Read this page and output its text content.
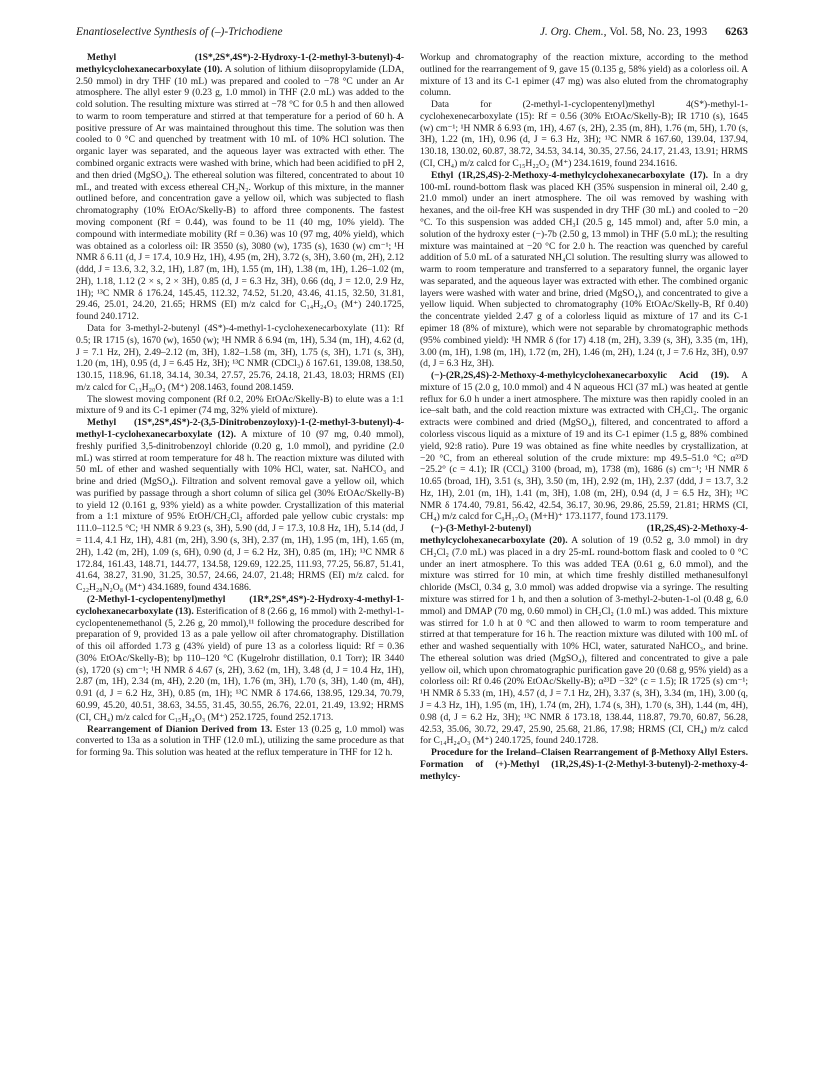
Enantioselective Synthesis of (–)-Trichodiene	J. Org. Chem., Vol. 58, No. 23, 1993 6263

Methyl (1S*,2S*,4S*)-2-Hydroxy-1-(2-methyl-3-butenyl)-4-methylcyclohexanecarboxylate (10). A solution of lithium diisopropylamide (LDA, 2.50 mmol) in dry THF (10 mL) was prepared and cooled to −78 °C under an Ar atmosphere. The allyl ester 9 (0.23 g, 1.0 mmol) in THF (2.0 mL) was added to the cold solution. The resulting mixture was stirred at −78 °C for 0.5 h and then allowed to warm to room temperature and stirred at that temperature for a period of 60 h. A positive pressure of Ar was maintained throughout this time. The solution was then cooled to 0 °C and quenched by treatment with 10 mL of 10% HCl solution. The organic layer was separated, and the aqueous layer was extracted with ether. The combined organic extracts were washed with brine, which had been acidified to pH 2, and then dried (MgSO₄). The ethereal solution was filtered, concentrated to about 10 mL, and treated with excess ethereal CH₂N₂. Workup of this mixture, in the manner outlined before, and concentration gave a yellow oil, which was subjected to flash chromatography (10% EtOAc/Skelly-B) to afford three components. The fastest moving component (Rf = 0.44), was found to be 11 (40 mg, 10% yield). The compound with intermediate mobility (Rf = 0.36) was 10 (97 mg, 40% yield), which was obtained as a colorless oil: IR 3550 (s), 3080 (w), 1735 (s), 1630 (w) cm⁻¹; ¹H NMR δ 6.11 (d, J = 17.4, 10.9 Hz, 1H), 4.95 (m, 2H), 3.72 (s, 3H), 3.60 (m, 2H), 2.12 (ddd, J = 13.6, 3.2, 3.2, 1H), 1.87 (m, 1H), 1.55 (m, 1H), 1.38 (m, 1H), 1.26–1.02 (m, 2H), 1.18, 1.12 (2 × s, 2 × 3H), 0.85 (d, J = 6.3 Hz, 3H), 0.66 (dq, J = 12.0, 2.9 Hz, 1H); ¹³C NMR δ 176.24, 145.45, 112.32, 74.52, 51.20, 43.46, 41.15, 32.50, 31.81, 29.46, 25.01, 24.20, 21.65; HRMS (EI) m/z calcd for C₁₄H₂₄O₃ (M⁺) 240.1725, found 240.1712.

Data for 3-methyl-2-butenyl (4S*)-4-methyl-1-cyclohexenecarboxylate (11): Rf 0.5; IR 1715 (s), 1670 (w), 1650 (w); ¹H NMR δ 6.94 (m, 1H), 5.34 (m, 1H), 4.62 (d, J = 7.1 Hz, 2H), 2.49–2.12 (m, 3H), 1.82–1.58 (m, 3H), 1.75 (s, 3H), 1.71 (s, 3H), 1.20 (m, 1H), 0.95 (d, J = 6.45 Hz, 3H); ¹³C NMR (CDCl₃) δ 167.61, 139.08, 138.50, 130.15, 118.96, 61.18, 34.14, 30.34, 27.57, 25.76, 24.18, 21.43, 18.03; HRMS (EI) m/z calcd for C₁₃H₂₀O₂ (M⁺) 208.1463, found 208.1459.

The slowest moving component (Rf 0.2, 20% EtOAc/Skelly-B) to elute was a 1:1 mixture of 9 and its C-1 epimer (74 mg, 32% yield of mixture).

Methyl (1S*,2S*,4S*)-2-(3,5-Dinitrobenzoyloxy)-1-(2-methyl-3-butenyl)-4-methyl-1-cyclohexanecarboxylate (12). A mixture of 10 (97 mg, 0.40 mmol), freshly purified 3,5-dinitrobenzoyl chloride (0.20 g, 1.0 mmol), and pyridine (2.0 mL) was stirred at room temperature for 48 h. The reaction mixture was diluted with 50 mL of ether and washed sequentially with 10% HCl, water, sat. NaHCO₃ and brine and dried (MgSO₄). Filtration and solvent removal gave a yellow oil, which was purified by passage through a short column of silica gel (30% EtOAc/Skelly-B) to yield 12 (0.161 g, 93% yield) as a white powder. Crystallization of this material from a 1:1 mixture of 95% EtOH/CH₂Cl₂ afforded pale yellow cubic crystals: mp 111.0–112.5 °C; ¹H NMR δ 9.23 (s, 3H), 5.90 (dd, J = 17.3, 10.8 Hz, 1H), 5.14 (dd, J = 11.4, 4.1 Hz, 1H), 4.81 (m, 2H), 3.90 (s, 3H), 2.37 (m, 1H), 1.95 (m, 1H), 1.65 (m, 2H), 1.42 (m, 2H), 1.09 (s, 6H), 0.90 (d, J = 6.2 Hz, 3H), 0.85 (m, 1H); ¹³C NMR δ 172.84, 161.43, 148.71, 144.77, 134.58, 129.69, 122.25, 111.93, 77.25, 56.87, 51.41, 41.64, 38.27, 31.90, 31.25, 30.57, 24.66, 24.07, 21.48; HRMS (EI) m/z calcd. for C₂₂H₂₈N₂O₈ (M⁺) 434.1689, found 434.1686.

(2-Methyl-1-cyclopentenyl)methyl (1R*,2S*,4S*)-2-Hydroxy-4-methyl-1-cyclohexanecarboxylate (13). Esterification of 8 (2.66 g, 16 mmol) with 2-methyl-1-cyclopentenemethanol (5, 2.26 g, 20 mmol),¹¹ following the procedure described for preparation of 9, provided 13 as a pale yellow oil after chromatography. Distillation of this oil afforded 1.73 g (43% yield) of pure 13 as a colorless liquid: Rf = 0.36 (30% EtOAc/Skelly-B); bp 110–120 °C (Kugelrohr distillation, 0.1 Torr); IR 3440 (s), 1720 (s) cm⁻¹; ¹H NMR δ 4.67 (s, 2H), 3.62 (m, 1H), 3.48 (d, J = 10.4 Hz, 1H), 2.87 (m, 1H), 2.34 (m, 4H), 2.20 (m, 1H), 1.76 (m, 3H), 1.70 (s, 3H), 1.40 (m, 4H), 0.91 (d, J = 6.2 Hz, 3H), 0.85 (m, 1H); ¹³C NMR δ 174.66, 138.95, 129.34, 70.79, 60.99, 45.20, 40.51, 38.63, 34.55, 31.45, 30.55, 26.76, 22.01, 21.49, 13.92; HRMS (CI, CH₄) m/z calcd for C₁₅H₂₄O₃ (M⁺) 252.1725, found 252.1713.

Rearrangement of Dianion Derived from 13. Ester 13 (0.25 g, 1.0 mmol) was converted to 13a as a solution in THF (12.0 mL), utilizing the same procedure as that for forming 9a. This solution was heated at the reflux temperature in THF for 12 h.

Workup and chromatography of the reaction mixture, according to the method outlined for the rearrangement of 9, gave 15 (0.135 g, 58% yield) as a colorless oil. A mixture of 13 and its C-1 epimer (47 mg) was also eluted from the chromatography column.

Data for (2-methyl-1-cyclopentenyl)methyl 4(S*)-methyl-1-cyclohexenecarboxylate (15): Rf = 0.56 (30% EtOAc/Skelly-B); IR 1710 (s), 1645 (w) cm⁻¹; ¹H NMR δ 6.93 (m, 1H), 4.67 (s, 2H), 2.35 (m, 8H), 1.76 (m, 5H), 1.70 (s, 3H), 1.22 (m, 1H), 0.96 (d, J = 6.3 Hz, 3H); ¹³C NMR δ 167.60, 139.04, 137.94, 130.18, 130.02, 60.87, 38.72, 34.53, 34.14, 30.35, 27.56, 24.17, 21.43, 13.91; HRMS (CI, CH₄) m/z calcd for C₁₅H₂₂O₂ (M⁺) 234.1619, found 234.1616.

Ethyl (1R,2S,4S)-2-Methoxy-4-methylcyclohexanecarboxylate (17). In a dry 100-mL round-bottom flask was placed KH (35% suspension in mineral oil, 2.40 g, 21.0 mmol) under an inert atmosphere. The oil was removed by washing with hexanes, and the oil-free KH was suspended in dry THF (30 mL) and cooled to −20 °C. To this suspension was added CH₃I (20.5 g, 145 mmol) and, after 5.0 min, a solution of the hydroxy ester (−)-7b (2.50 g, 13 mmol) in THF (5.0 mL); the resulting mixture was maintained at −20 °C for 2.0 h. The reaction was quenched by careful addition of 5.0 mL of a saturated NH₄Cl solution. The resulting slurry was allowed to warm to room temperature and transferred to a separatory funnel, the organic layer was separated, and the aqueous layer was extracted with ether. The combined organic layers were washed with water and brine, dried (MgSO₄), and concentrated to give a yellow liquid. When subjected to chromatography (10% EtOAc/Skelly-B, Rf 0.40) the concentrate yielded 2.47 g of a colorless liquid as mixture of 17 and its C-1 epimer 18 (8% of mixture), which were not separable by chromatographic methods (95% combined yield): ¹H NMR δ (for 17) 4.18 (m, 2H), 3.39 (s, 3H), 3.35 (m, 1H), 3.00 (m, 1H), 1.98 (m, 1H), 1.72 (m, 2H), 1.46 (m, 2H), 1.24 (t, J = 7.6 Hz, 3H), 0.97 (d, J = 6.3 Hz, 3H).

(−)-(2R,2S,4S)-2-Methoxy-4-methylcyclohexanecarboxylic Acid (19). A mixture of 15 (2.0 g, 10.0 mmol) and 4 N aqueous HCl (37 mL) was heated at gentle reflux for 6.0 h under a inert atmosphere. The mixture was then rapidly cooled in an ice–salt bath, and the cold reaction mixture was extracted with CH₂Cl₂. The organic extracts were combined and dried (MgSO₄), filtered, and concentrated to afford a colorless viscous liquid as a mixture of 19 and its C-1 epimer (1.5 g, 88% combined yield, 92:8 ratio). Pure 19 was obtained as fine white needles by crystallization, at −20 °C, from an ethereal solution of the crude mixture: mp 49.5–51.0 °C; α²³D −25.2° (c = 4.1); IR (CCl₄) 3100 (broad, m), 1738 (m), 1686 (s) cm⁻¹; ¹H NMR δ 10.65 (broad, 1H), 3.51 (s, 3H), 3.50 (m, 1H), 2.92 (m, 1H), 2.37 (ddd, J = 13.7, 3.2 Hz, 1H), 2.01 (m, 1H), 1.41 (m, 3H), 1.08 (m, 2H), 0.94 (d, J = 6.5 Hz, 3H); ¹³C NMR δ 174.40, 79.81, 56.42, 42.54, 36.17, 30.96, 29.86, 25.59, 21.81; HRMS (CI, CH₄) m/z calcd for C₉H₁₇O₃ (M+H)⁺ 173.1177, found 173.1179.

(−)-(3-Methyl-2-butenyl) (1R,2S,4S)-2-Methoxy-4-methylcyclohexanecarboxylate (20). A solution of 19 (0.52 g, 3.0 mmol) in dry CH₂Cl₂ (7.0 mL) was placed in a dry 25-mL round-bottom flask and cooled to 0 °C under an inert atmosphere. To this was added TEA (0.61 g, 6.0 mmol), and the mixture was stirred for 10 min, at which time freshly distilled methanesulfonyl chloride (MsCl, 0.34 g, 3.0 mmol) was added dropwise via a syringe. The resulting mixture was stirred for 1 h, and then a solution of 3-methyl-2-buten-1-ol (0.48 g, 6.0 mmol) and DMAP (70 mg, 0.60 mmol) in CH₂Cl₂ (1.0 mL) was added. This mixture was stirred for 1.0 h at 0 °C and then allowed to warm to room temperature and stirred at that temperature for 16 h. The reaction mixture was diluted with 100 mL of ether and washed sequentially with 10% HCl, water, saturated NaHCO₃, and brine. The ethereal solution was dried (MgSO₄), filtered and concentrated to give a pale yellow oil, which upon chromatographic purification gave 20 (0.68 g, 95% yield) as a colorless oil: Rf 0.46 (20% EtOAc/Skelly-B); α²³D −32° (c = 1.5); IR 1725 (s) cm⁻¹; ¹H NMR δ 5.33 (m, 1H), 4.57 (d, J = 7.1 Hz, 2H), 3.37 (s, 3H), 3.34 (m, 1H), 3.00 (q, J = 4.3 Hz, 1H), 1.95 (m, 1H), 1.74 (m, 2H), 1.74 (s, 3H), 1.70 (s, 3H), 1.44 (m, 4H), 0.98 (d, J = 6.2 Hz, 3H); ¹³C NMR δ 173.18, 138.44, 118.87, 79.70, 60.87, 56.28, 42.53, 35.06, 30.72, 29.47, 25.90, 25.68, 21.86, 17.98; HRMS (CI, CH₄) m/z calcd for C₁₄H₂₄O₃ (M⁺) 240.1725, found 240.1728.

Procedure for the Ireland–Claisen Rearrangement of β-Methoxy Allyl Esters. Formation of (+)-Methyl (1R,2S,4S)-1-(2-Methyl-3-butenyl)-2-methoxy-4-methylcy-
